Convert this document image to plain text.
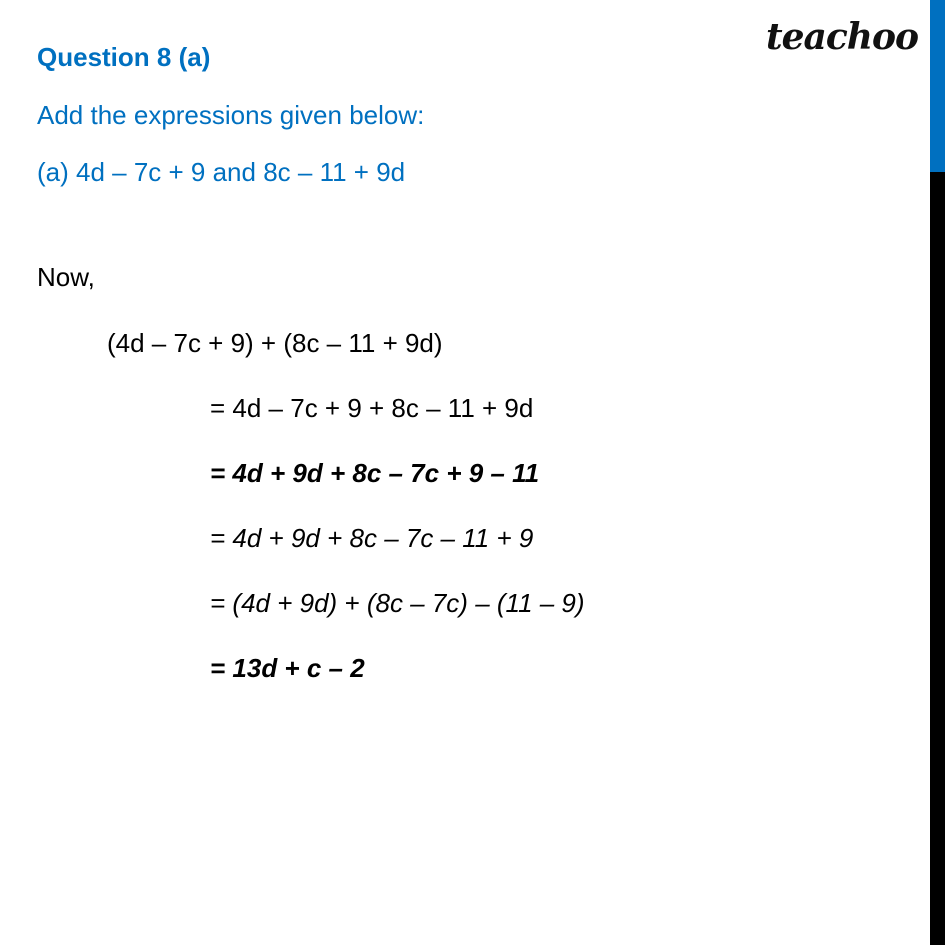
teachoo
Question 8 (a)
Add the expressions given below:
(a) 4d – 7c + 9 and 8c – 11 + 9d
Now,
(4d – 7c + 9) + (8c – 11 + 9d)
= 4d – 7c + 9 + 8c – 11 + 9d
= 4d + 9d + 8c – 7c + 9 – 11
= 4d + 9d + 8c – 7c – 11 + 9
= (4d + 9d) + (8c – 7c) – (11 – 9)
= 13d + c – 2
